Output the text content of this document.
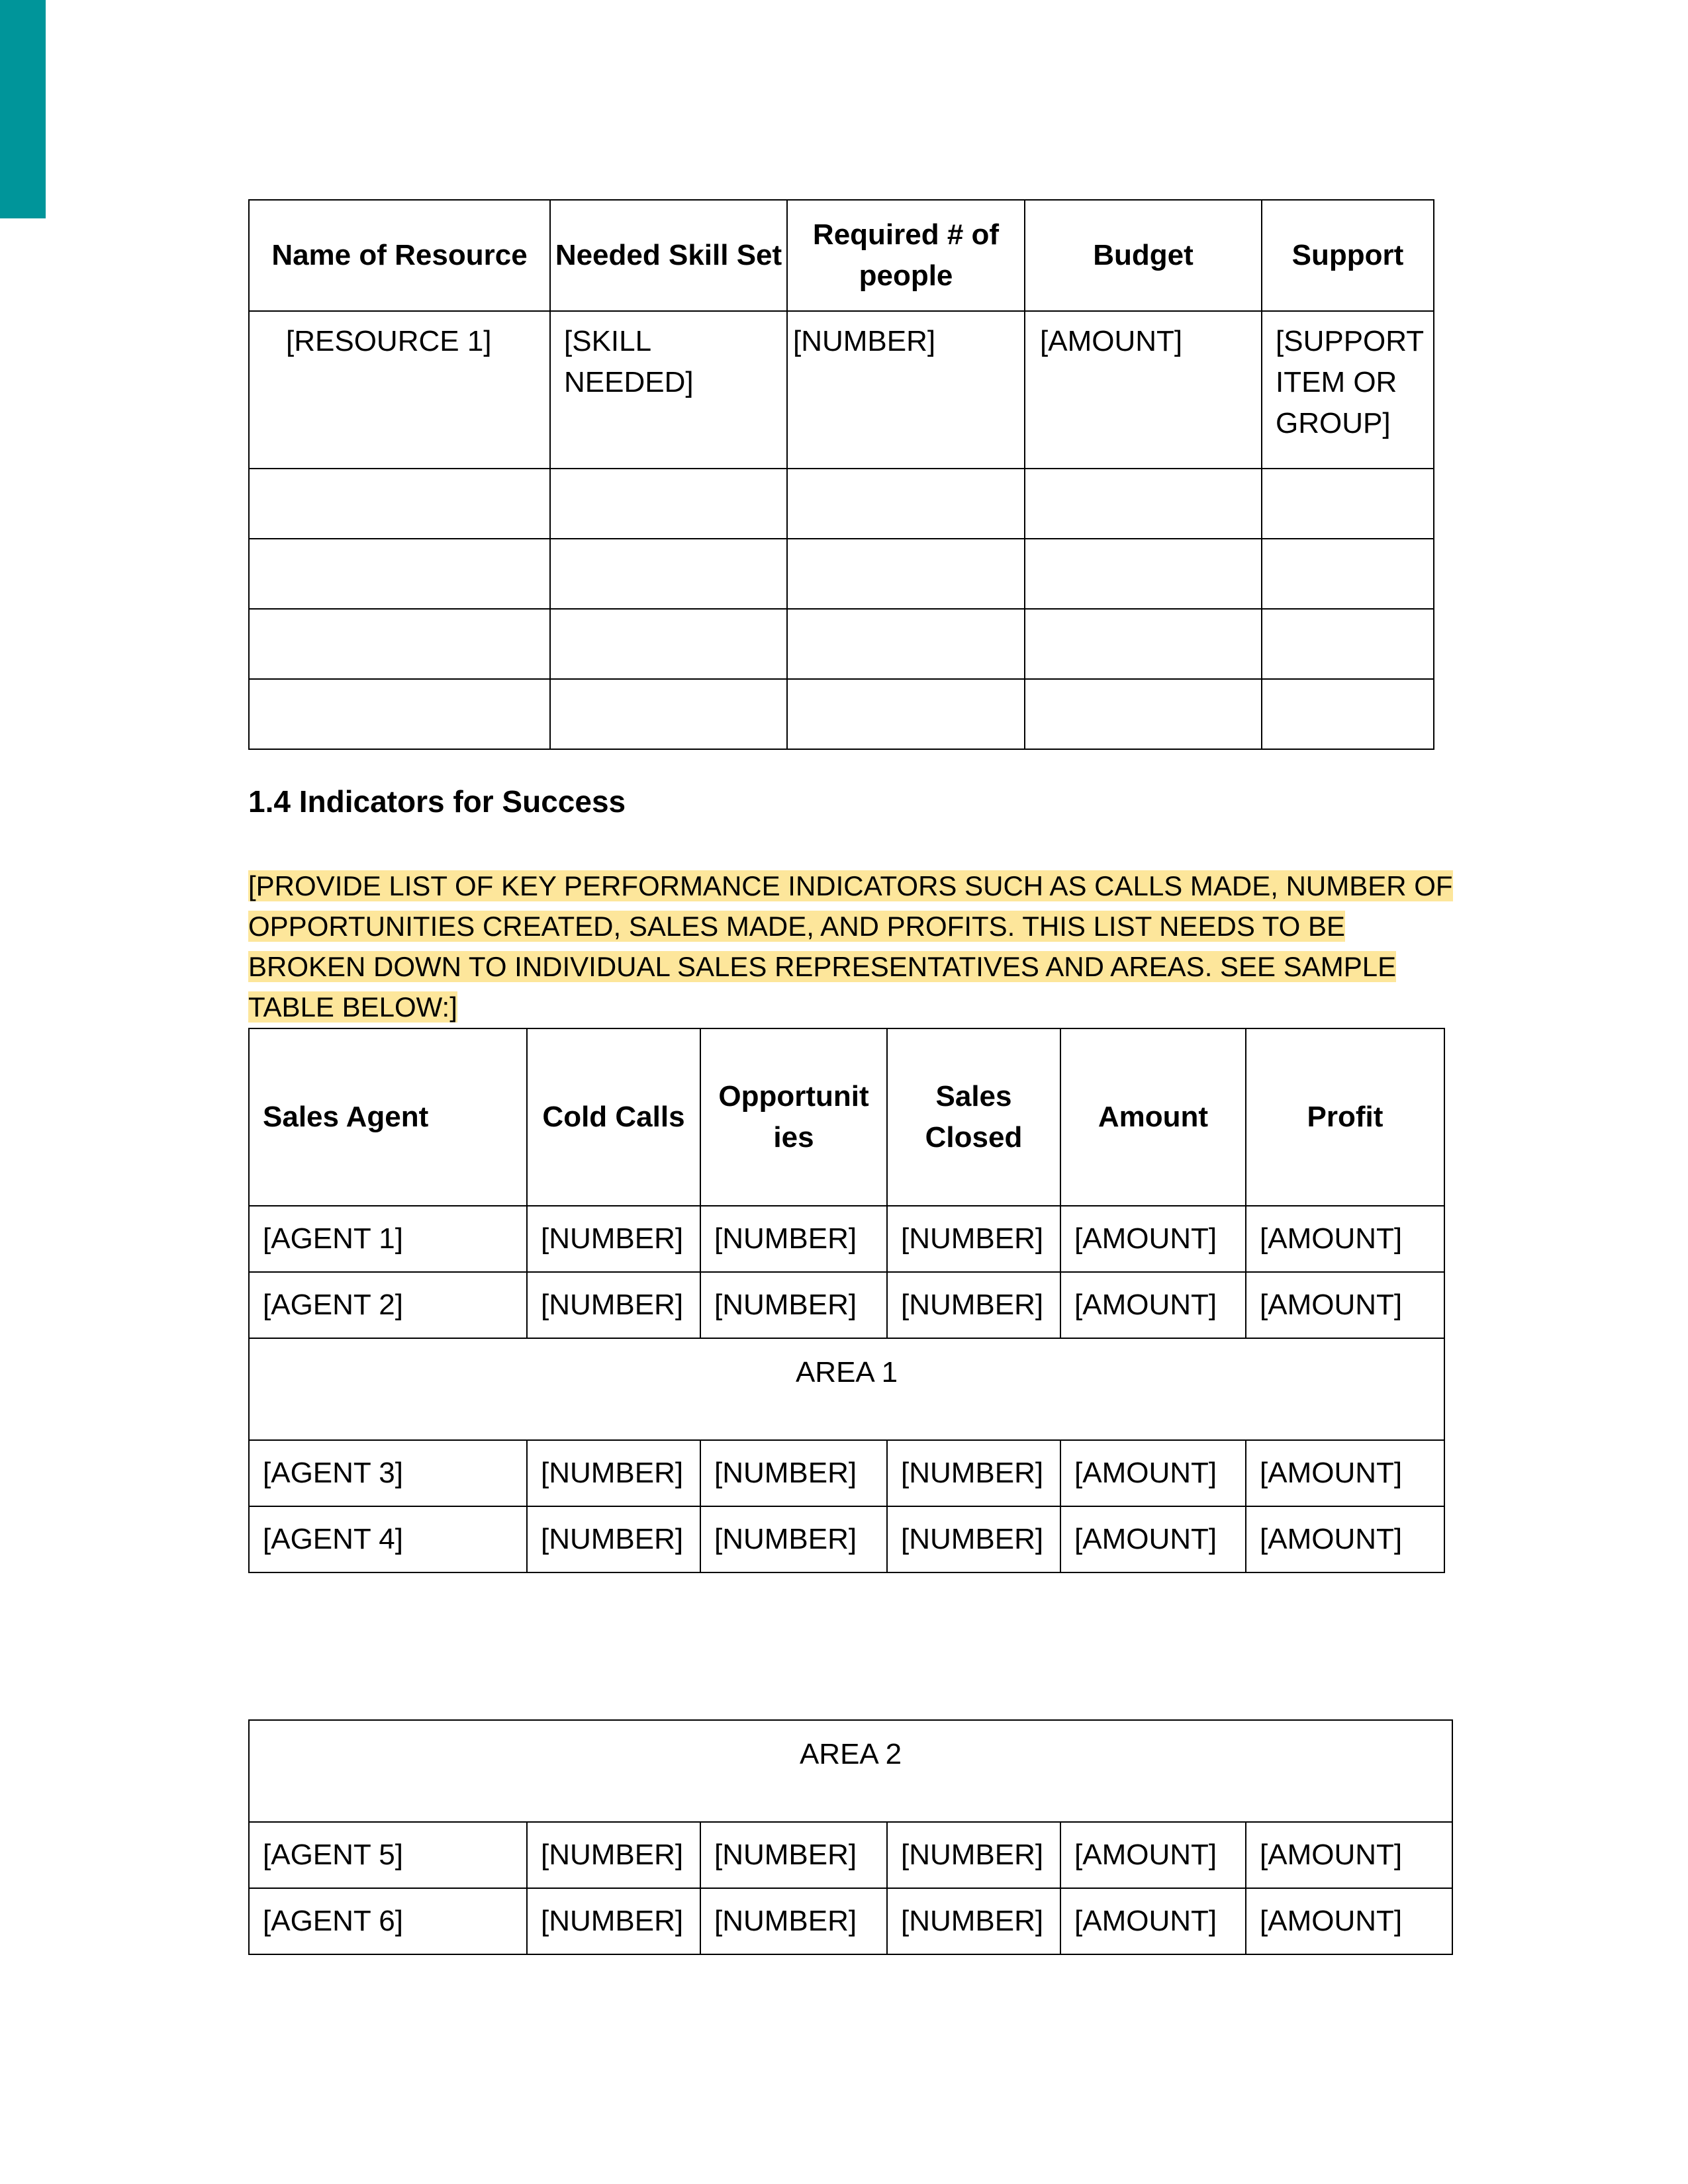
Name of Resource	Needed Skill Set	Required # of people	Budget	Support
[RESOURCE 1]	[SKILL NEEDED]	[NUMBER]	[AMOUNT]	[SUPPORT ITEM OR GROUP]

1.4 Indicators for Success

[PROVIDE LIST OF KEY PERFORMANCE INDICATORS SUCH AS CALLS MADE, NUMBER OF OPPORTUNITIES CREATED, SALES MADE, AND PROFITS. THIS LIST NEEDS TO BE BROKEN DOWN TO INDIVIDUAL SALES REPRESENTATIVES AND AREAS. SEE SAMPLE TABLE BELOW:]

Sales Agent	Cold Calls	Opportunit ies	Sales Closed	Amount	Profit
[AGENT 1]	[NUMBER]	[NUMBER]	[NUMBER]	[AMOUNT]	[AMOUNT]
[AGENT 2]	[NUMBER]	[NUMBER]	[NUMBER]	[AMOUNT]	[AMOUNT]
AREA 1					
[AGENT 3]	[NUMBER]	[NUMBER]	[NUMBER]	[AMOUNT]	[AMOUNT]
[AGENT 4]	[NUMBER]	[NUMBER]	[NUMBER]	[AMOUNT]	[AMOUNT]
AREA 2					
[AGENT 5]	[NUMBER]	[NUMBER]	[NUMBER]	[AMOUNT]	[AMOUNT]
[AGENT 6]	[NUMBER]	[NUMBER]	[NUMBER]	[AMOUNT]	[AMOUNT]
